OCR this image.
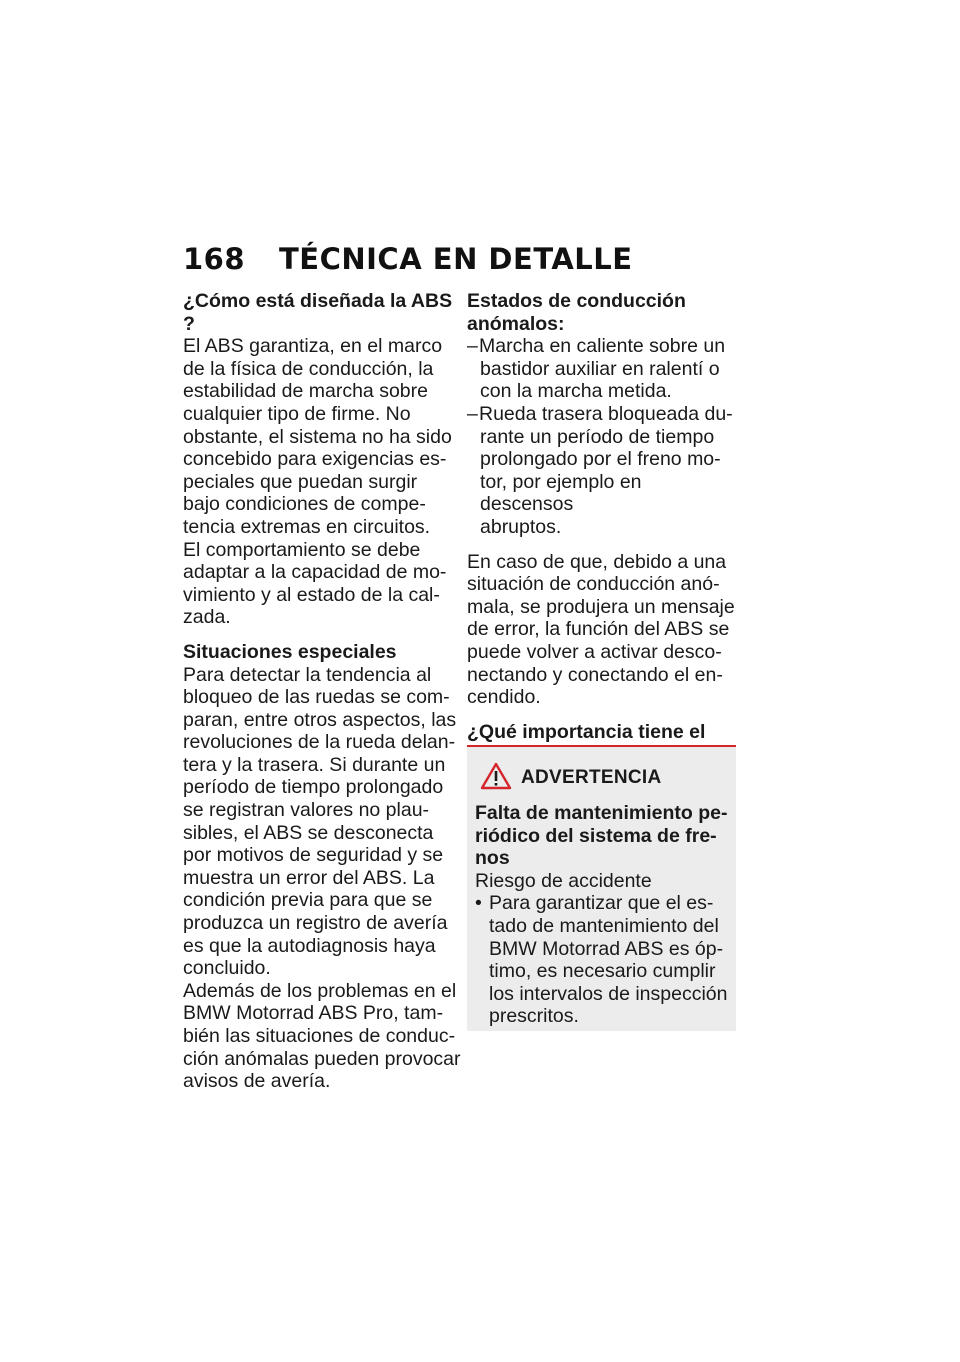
168 TÉCNICA EN DETALLE

¿Cómo está diseñada la ABS ?

El ABS garantiza, en el marco
de la física de conducción, la
estabilidad de marcha sobre
cualquier tipo de firme. No
obstante, el sistema no ha sido
concebido para exigencias es-
peciales que puedan surgir
bajo condiciones de compe-
tencia extremas en circuitos.
El comportamiento se debe
adaptar a la capacidad de mo-
vimiento y al estado de la cal-
zada.

Situaciones especiales

Para detectar la tendencia al
bloqueo de las ruedas se com-
paran, entre otros aspectos, las
revoluciones de la rueda delan-
tera y la trasera. Si durante un
período de tiempo prolongado
se registran valores no plau-
sibles, el ABS se desconecta
por motivos de seguridad y se
muestra un error del ABS. La
condición previa para que se
produzca un registro de avería
es que la autodiagnosis haya
concluido.
Además de los problemas en el
BMW Motorrad ABS Pro, tam-
bién las situaciones de conduc-
ción anómalas pueden provocar
avisos de avería.
Estados de conducción
anómalos:
– Marcha en caliente sobre un
bastidor auxiliar en ralentí o
con la marcha metida.
– Rueda trasera bloqueada du-
rante un período de tiempo
prolongado por el freno mo-
tor, por ejemplo en descensos
abruptos.
En caso de que, debido a una
situación de conducción anó-
mala, se produjera un mensaje
de error, la función del ABS se
puede volver a activar desco-
nectando y conectando el en-
cendido.
¿Qué importancia tiene el
ADVERTENCIA
Falta de mantenimiento pe-
riódico del sistema de fre-
nos

Riesgo de accidente

• Para garantizar que el es-
tado de mantenimiento del
BMW Motorrad ABS es óp-
timo, es necesario cumplir
los intervalos de inspección
prescritos.
